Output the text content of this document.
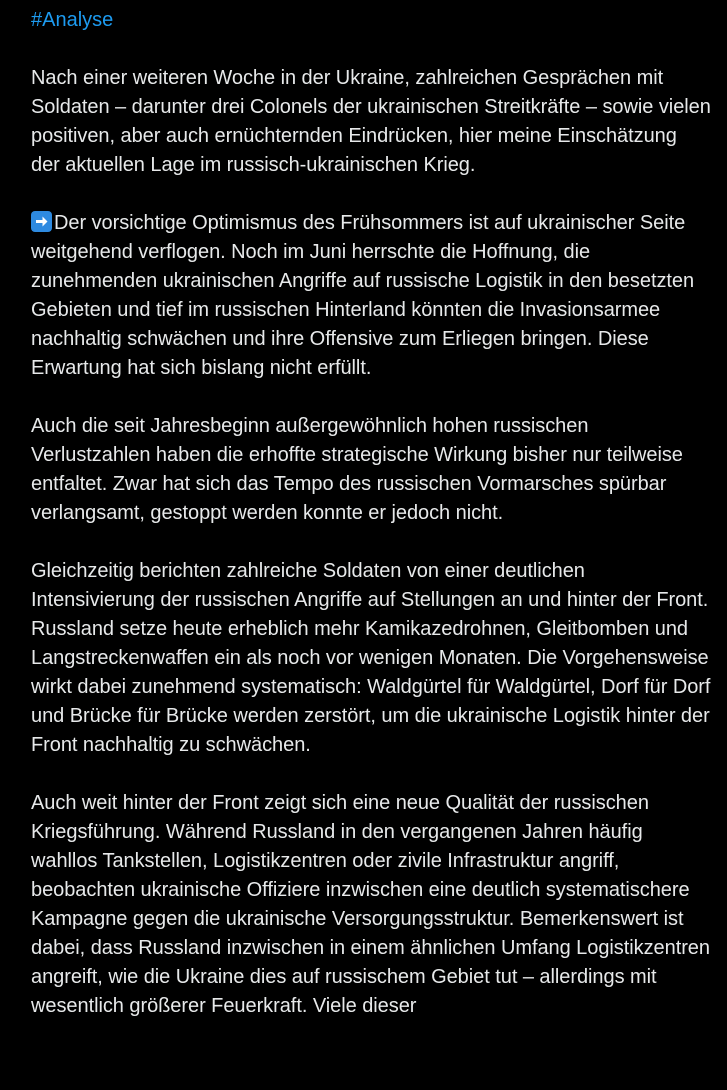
#Analyse

Nach einer weiteren Woche in der Ukraine, zahlreichen Gesprächen mit Soldaten – darunter drei Colonels der ukrainischen Streitkräfte – sowie vielen positiven, aber auch ernüchternden Eindrücken, hier meine Einschätzung der aktuellen Lage im russisch-ukrainischen Krieg.

Der vorsichtige Optimismus des Frühsommers ist auf ukrainischer Seite weitgehend verflogen. Noch im Juni herrschte die Hoffnung, die zunehmenden ukrainischen Angriffe auf russische Logistik in den besetzten Gebieten und tief im russischen Hinterland könnten die Invasionsarmee nachhaltig schwächen und ihre Offensive zum Erliegen bringen. Diese Erwartung hat sich bislang nicht erfüllt.

Auch die seit Jahresbeginn außergewöhnlich hohen russischen Verlustzahlen haben die erhoffte strategische Wirkung bisher nur teilweise entfaltet. Zwar hat sich das Tempo des russischen Vormarsches spürbar verlangsamt, gestoppt werden konnte er jedoch nicht.

Gleichzeitig berichten zahlreiche Soldaten von einer deutlichen Intensivierung der russischen Angriffe auf Stellungen an und hinter der Front. Russland setze heute erheblich mehr Kamikazedrohnen, Gleitbomben und Langstreckenwaffen ein als noch vor wenigen Monaten. Die Vorgehensweise wirkt dabei zunehmend systematisch: Waldgürtel für Waldgürtel, Dorf für Dorf und Brücke für Brücke werden zerstört, um die ukrainische Logistik hinter der Front nachhaltig zu schwächen.

Auch weit hinter der Front zeigt sich eine neue Qualität der russischen Kriegsführung. Während Russland in den vergangenen Jahren häufig wahllos Tankstellen, Logistikzentren oder zivile Infrastruktur angriff, beobachten ukrainische Offiziere inzwischen eine deutlich systematischere Kampagne gegen die ukrainische Versorgungsstruktur. Bemerkenswert ist dabei, dass Russland inzwischen in einem ähnlichen Umfang Logistikzentren angreift, wie die Ukraine dies auf russischem Gebiet tut – allerdings mit wesentlich größerer Feuerkraft. Viele dieser
